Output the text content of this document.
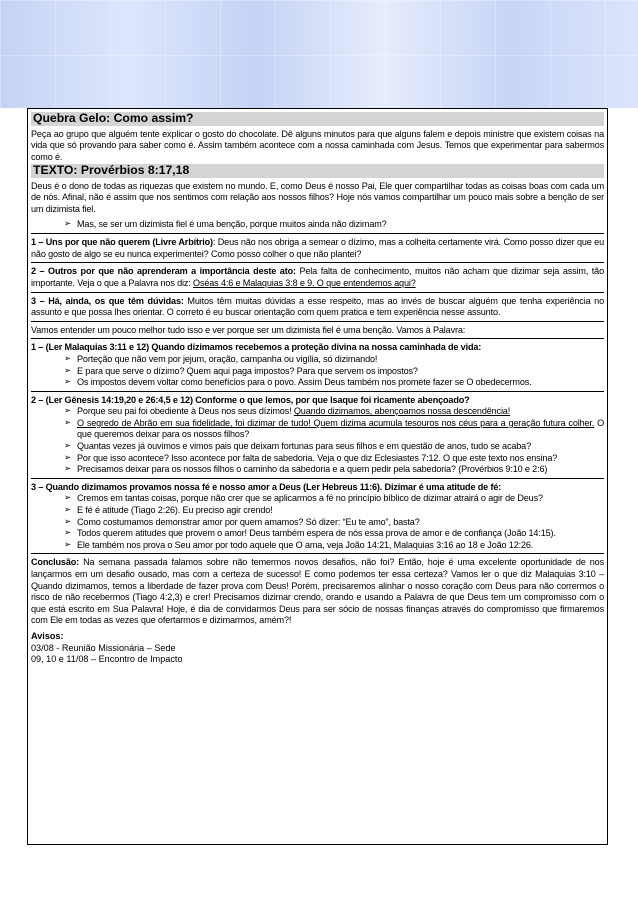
Quebra Gelo: Como assim?

Peça ao grupo que alguém tente explicar o gosto do chocolate. Dê alguns minutos para que alguns falem e depois ministre que existem coisas na vida que só provando para saber como é. Assim também acontece com a nossa caminhada com Jesus. Temos que experimentar para sabermos como é.

TEXTO: Provérbios 8:17,18

Deus é o dono de todas as riquezas que existem no mundo. E, como Deus é nosso Pai, Ele quer compartilhar todas as coisas boas com cada um de nós. Afinal, não é assim que nos sentimos com relação aos nossos filhos? Hoje nós vamos compartilhar um pouco mais sobre a benção de ser um dizimista fiel.

➢ Mas, se ser um dizimista fiel é uma benção, porque muitos ainda não dizimam?

1 – Uns por que não querem (Livre Arbítrio): Deus não nos obriga a semear o dízimo, mas a colheita certamente virá. Como posso dizer que eu não gosto de algo se eu nunca experimentei? Como posso colher o que não plantei?

2 – Outros por que não aprenderam a importância deste ato: Pela falta de conhecimento, muitos não acham que dizimar seja assim, tão importante. Veja o que a Palavra nos diz: Oséas 4:6 e Malaquias 3:8 e 9. O que entendemos aqui?

3 – Há, ainda, os que têm dúvidas: Muitos têm muitas dúvidas a esse respeito, mas ao invés de buscar alguém que tenha experiência no assunto e que possa lhes orientar. O correto é eu buscar orientação com quem pratica e tem experiência nesse assunto.

Vamos entender um pouco melhor tudo isso e ver porque ser um dizimista fiel é uma benção. Vamos à Palavra:

1 – (Ler Malaquias 3:11 e 12) Quando dizimamos recebemos a proteção divina na nossa caminhada de vida:

➢ Porteção que não vem por jejum, oração, campanha ou vigília, só dizimando!
➢ E para que serve o dízimo? Quem aqui paga impostos? Para que servem os impostos?
➢ Os impostos devem voltar como benefícios para o povo. Assim Deus também nos promete fazer se O obedecermos.

2 – (Ler Gênesis 14:19,20 e 26:4,5 e 12) Conforme o que lemos, por que Isaque foi ricamente abençoado?

➢ Porque seu pai foi obediente à Deus nos seus dízimos! Quando dizimamos, abençoamos nossa descendência!
➢ O segredo de Abrão em sua fidelidade, foi dizimar de tudo! Quem dizima acumula tesouros nos céus para a geração futura colher. O que queremos deixar para os nossos filhos?
➢ Quantas vezes já ouvimos e vimos pais que deixam fortunas para seus filhos e em questão de anos, tudo se acaba?
➢ Por que isso acontece? Isso acontece por falta de sabedoria. Veja o que diz Eclesiastes 7:12. O que este texto nos ensina?
➢ Precisamos deixar para os nossos filhos o caminho da sabedoria e a quem pedir pela sabedoria? (Provérbios 9:10 e 2:6)

3 – Quando dizimamos provamos nossa fé e nosso amor a Deus (Ler Hebreus 11:6). Dizimar é uma atitude de fé:

➢ Cremos em tantas coisas, porque não crer que se aplicarmos a fé no princípio bíblico de dizimar atrairá o agir de Deus?
➢ E fé é atitude (Tiago 2:26). Eu preciso agir crendo!
➢ Como costumamos demonstrar amor por quem amamos? Só dizer: “Eu te amo”, basta?
➢ Todos querem atitudes que provem o amor! Deus também espera de nós essa prova de amor e de confiança (João 14:15).
➢ Ele também nos prova o Seu amor por todo aquele que O ama, veja João 14:21, Malaquias 3:16 ao 18 e João 12:26.

Conclusão: Na semana passada falamos sobre não temermos novos desafios, não foi? Então, hoje é uma excelente oportunidade de nos lançarmos em um desafio ousado, mas com a certeza de sucesso! E como podemos ter essa certeza? Vamos ler o que diz Malaquias 3:10 – Quando dizimamos, temos a liberdade de fazer prova com Deus! Porém, precisaremos alinhar o nosso coração com Deus para não corrermos o risco de não recebermos (Tiago 4:2,3) e crer! Precisamos dizimar crendo, orando e usando a Palavra de que Deus tem um compromisso com o que está escrito em Sua Palavra! Hoje, é dia de convidarmos Deus para ser sócio de nossas finanças através do compromisso que firmaremos com Ele em todas as vezes que ofertarmos e dizimarmos, amém?!

Avisos:
03/08 - Reunião Missionária – Sede
09, 10 e 11/08 – Encontro de Impacto
